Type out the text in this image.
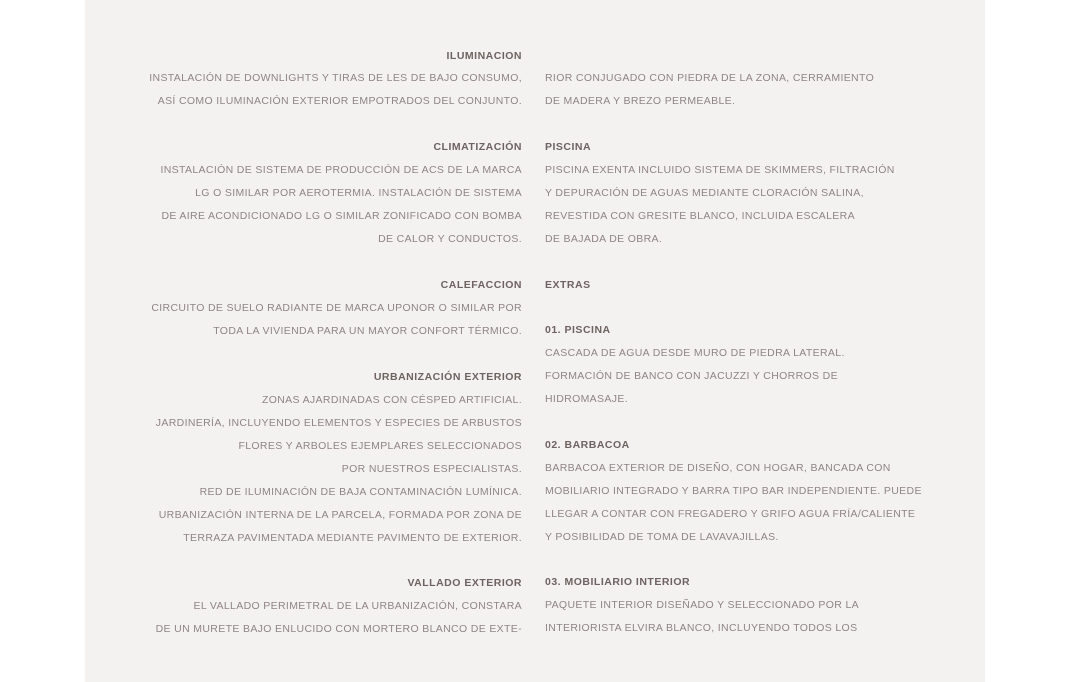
ILUMINACION
INSTALACIÓN DE DOWNLIGHTS Y TIRAS DE LES DE BAJO CONSUMO,
ASÍ COMO ILUMINACIÓN EXTERIOR EMPOTRADOS DEL CONJUNTO.
CLIMATIZACIÓN
INSTALACIÓN DE SISTEMA DE PRODUCCIÓN DE ACS DE LA MARCA
LG O SIMILAR POR AEROTERMIA. INSTALACIÓN DE SISTEMA
DE AIRE ACONDICIONADO LG O SIMILAR ZONIFICADO CON BOMBA
DE CALOR Y CONDUCTOS.
CALEFACCION
CIRCUITO DE SUELO RADIANTE DE MARCA UPONOR O SIMILAR POR
TODA LA VIVIENDA PARA UN MAYOR CONFORT TÉRMICO.
URBANIZACIÓN EXTERIOR
ZONAS AJARDINADAS CON CÉSPED ARTIFICIAL.
JARDINERÍA, INCLUYENDO ELEMENTOS Y ESPECIES DE ARBUSTOS
FLORES Y ARBOLES EJEMPLARES SELECCIONADOS
POR NUESTROS ESPECIALISTAS.
RED DE ILUMINACIÓN DE BAJA CONTAMINACIÓN LUMÍNICA.
URBANIZACIÓN INTERNA DE LA PARCELA, FORMADA POR ZONA DE
TERRAZA PAVIMENTADA MEDIANTE PAVIMENTO DE EXTERIOR.
VALLADO EXTERIOR
EL VALLADO PERIMETRAL DE LA URBANIZACIÓN, CONSTARA
DE UN MURETE BAJO ENLUCIDO CON MORTERO BLANCO DE EXTE-
RIOR CONJUGADO CON PIEDRA DE LA ZONA, CERRAMIENTO
DE MADERA Y BREZO PERMEABLE.
PISCINA
PISCINA EXENTA INCLUIDO SISTEMA DE SKIMMERS, FILTRACIÓN
Y DEPURACIÓN DE AGUAS MEDIANTE CLORACIÓN SALINA,
REVESTIDA CON GRESITE BLANCO, INCLUIDA ESCALERA
DE BAJADA DE OBRA.
EXTRAS
01. PISCINA
CASCADA DE AGUA DESDE MURO DE PIEDRA LATERAL.
FORMACIÓN DE BANCO CON JACUZZI Y CHORROS DE
HIDROMASAJE.
02. BARBACOA
BARBACOA EXTERIOR DE DISEÑO, CON HOGAR, BANCADA CON
MOBILIARIO INTEGRADO Y BARRA TIPO BAR INDEPENDIENTE. PUEDE
LLEGAR A CONTAR CON FREGADERO Y GRIFO AGUA FRÍA/CALIENTE
Y POSIBILIDAD DE TOMA DE LAVAVAJILLAS.
03. MOBILIARIO INTERIOR
PAQUETE INTERIOR DISEÑADO Y SELECCIONADO POR LA
INTERIORISTA ELVIRA BLANCO, INCLUYENDO TODOS LOS
